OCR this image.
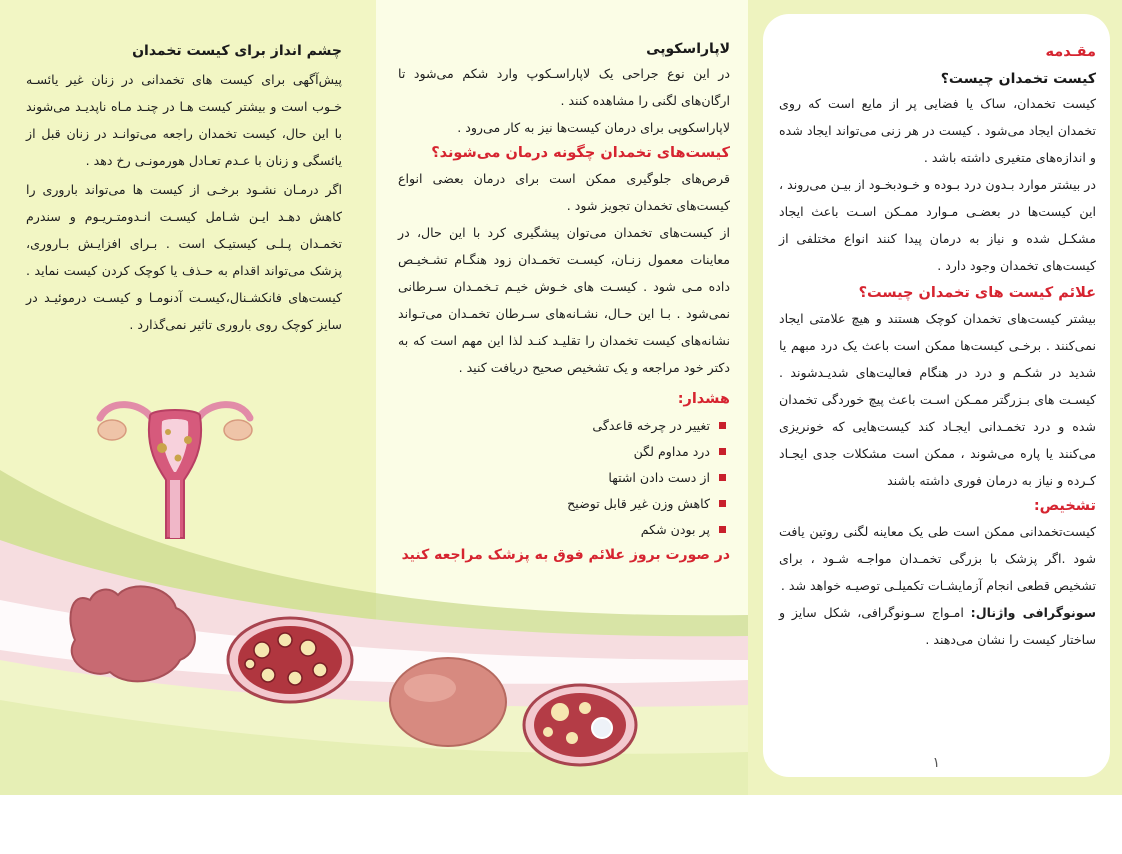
چشم انداز برای کیست تخمدان

پیش‌آگهی برای کیست های تخمدانی در زنان غیر یائسـه خـوب است و بیشتر کیست هـا در چنـد مـاه ناپدیـد می‌شوند با این حال، کیست تخمدان راجعه می‌توانـد در زنان قبل از یائسگی و زنان با عـدم تعـادل هورمونـی رخ دهد .

اگر درمـان نشـود برخـی از کیست ها می‌تواند باروری را کاهش دهـد ایـن شـامل کیسـت انـدومتـریـوم و سندرم تخمـدان پـلـی کیستیـک است . بـرای افزایـش بـاروری، پزشک می‌تواند اقدام به حـذف یا کوچک کردن کیست نماید . کیست‌های فانکشـنال،کیسـت آدنومـا و کیسـت درموئیـد در سایز کوچک روی باروری تاثیر نمی‌گذارد .

لاپاراسکوپی

در این نوع جراحی یک لاپاراسـکوپ وارد شکم می‌شود تا ارگان‌های لگنی را مشاهده کنند .

لاپاراسکوپی برای درمان کیست‌ها نیز به کار می‌رود .

کیست‌های تخمدان چگونه درمان می‌شوند؟

قرص‌های جلوگیری ممکن است برای درمان بعضی انواع کیست‌های تخمدان تجویز شود .

از کیست‌های تخمدان می‌توان پیشگیری کرد با این حال، در معاینات معمول زنـان، کیسـت تخمـدان زود هنگـام تشـخیـص داده مـی شود . کیسـت های خـوش خیـم تـخمـدان سـرطانی نمی‌شود . بـا این حـال، نشـانه‌های سـرطان تخمـدان می‌تـواند نشانه‌های کیست تخمدان را تقلیـد کنـد لذا این مهم است که به دکتر خود مراجعه و یک تشخیص صحیح دریافت کنید .

هشدار:

تغییر در چرخه قاعدگی
درد مداوم لگن
از دست دادن اشتها
کاهش وزن غیر قابل توضیح
پر بودن شکم

در صورت بروز علائم فوق به پزشک مراجعه کنید

مقـدمه

کیست تخمدان چیست؟

کیست تخمدان، ساک یا فضایی پر از مایع است که روی تخمدان ایجاد می‌شود . کیست در هر زنی می‌تواند ایجاد شده و اندازه‌های متغیری داشته باشد .

در بیشتر موارد بـدون درد بـوده و خـودبخـود از بیـن می‌روند ، این کیست‌ها در بعضـی مـوارد ممـکن اسـت باعث ایجاد مشکـل شده و نیاز به درمان پیدا کنند انواع مختلفی از کیست‌های تخمدان وجود دارد .

علائم کیست های تخمدان چیست؟

بیشتر کیست‌های تخمدان کوچک هستند و هیچ علامتی ایجاد نمی‌کنند . برخـی کیست‌ها ممکن است باعث یک درد مبهم یا شدید در شکـم و درد در هنگام فعالیت‌های شدیـدشوند . کیسـت های بـزرگتر ممـکن اسـت باعث پیچ خوردگی تخمدان شده و درد تخمـدانی ایجـاد کند کیست‌هایی که خونریزی می‌کنند یا پاره می‌شوند ، ممکن است مشکلات جدی ایجـاد کـرده و نیاز به درمان فوری داشته باشند

تشخیص:

کیست‌تخمدانی ممکن است طی یک معاینه لگنی روتین یافت شود .اگر پزشک با بزرگی تخمـدان مواجـه شـود ، برای تشخیص قطعی انجام آزمایشـات تکمیلـی توصیـه خواهد شد .

سونوگرافی واژنال: امـواج سـونوگرافی، شکل سایز و ساختار کیست را نشان می‌دهند .

۱
